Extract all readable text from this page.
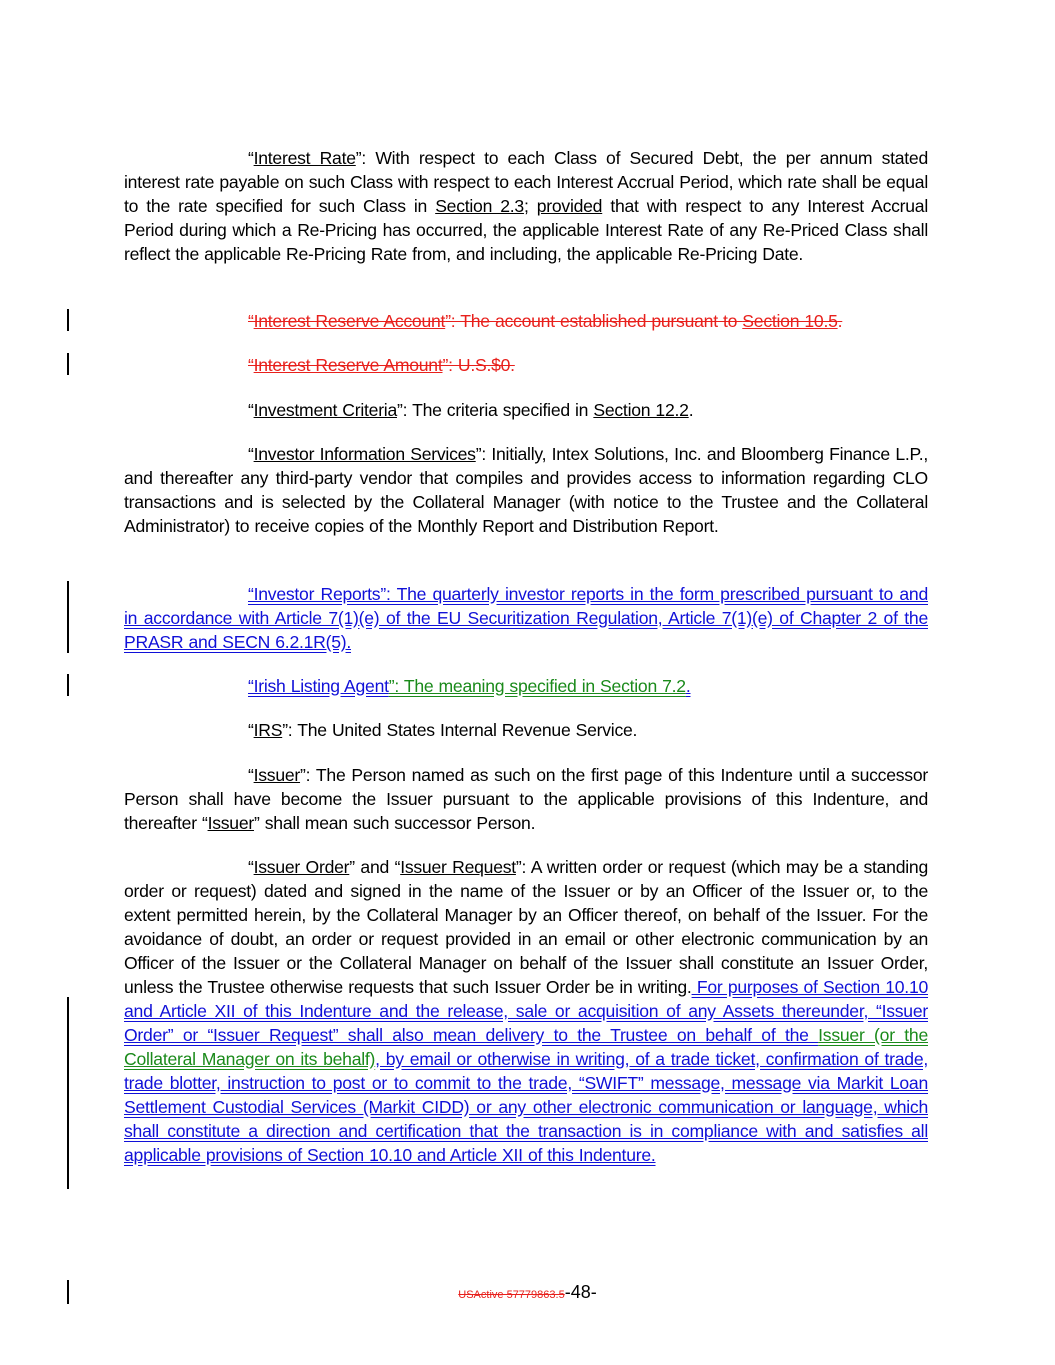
“Interest Rate”: With respect to each Class of Secured Debt, the per annum stated interest rate payable on such Class with respect to each Interest Accrual Period, which rate shall be equal to the rate specified for such Class in Section 2.3; provided that with respect to any Interest Accrual Period during which a Re-Pricing has occurred, the applicable Interest Rate of any Re-Priced Class shall reflect the applicable Re-Pricing Rate from, and including, the applicable Re-Pricing Date.

“Interest Reserve Account”: The account established pursuant to Section 10.5.

“Interest Reserve Amount”: U.S.$0.

“Investment Criteria”: The criteria specified in Section 12.2.

“Investor Information Services”: Initially, Intex Solutions, Inc. and Bloomberg Finance L.P., and thereafter any third-party vendor that compiles and provides access to information regarding CLO transactions and is selected by the Collateral Manager (with notice to the Trustee and the Collateral Administrator) to receive copies of the Monthly Report and Distribution Report.

“Investor Reports”: The quarterly investor reports in the form prescribed pursuant to and in accordance with Article 7(1)(e) of the EU Securitization Regulation, Article 7(1)(e) of Chapter 2 of the PRASR and SECN 6.2.1R(5).

“Irish Listing Agent”: The meaning specified in Section 7.2.

“IRS”: The United States Internal Revenue Service.

“Issuer”: The Person named as such on the first page of this Indenture until a successor Person shall have become the Issuer pursuant to the applicable provisions of this Indenture, and thereafter “Issuer” shall mean such successor Person.

“Issuer Order” and “Issuer Request”: A written order or request (which may be a standing order or request) dated and signed in the name of the Issuer or by an Officer of the Issuer or, to the extent permitted herein, by the Collateral Manager by an Officer thereof, on behalf of the Issuer. For the avoidance of doubt, an order or request provided in an email or other electronic communication by an Officer of the Issuer or the Collateral Manager on behalf of the Issuer shall constitute an Issuer Order, unless the Trustee otherwise requests that such Issuer Order be in writing. For purposes of Section 10.10 and Article XII of this Indenture and the release, sale or acquisition of any Assets thereunder, “Issuer Order” or “Issuer Request” shall also mean delivery to the Trustee on behalf of the Issuer (or the Collateral Manager on its behalf), by email or otherwise in writing, of a trade ticket, confirmation of trade, trade blotter, instruction to post or to commit to the trade, “SWIFT” message, message via Markit Loan Settlement Custodial Services (Markit CIDD) or any other electronic communication or language, which shall constitute a direction and certification that the transaction is in compliance with and satisfies all applicable provisions of Section 10.10 and Article XII of this Indenture.

USActive 57779863.5-48-
